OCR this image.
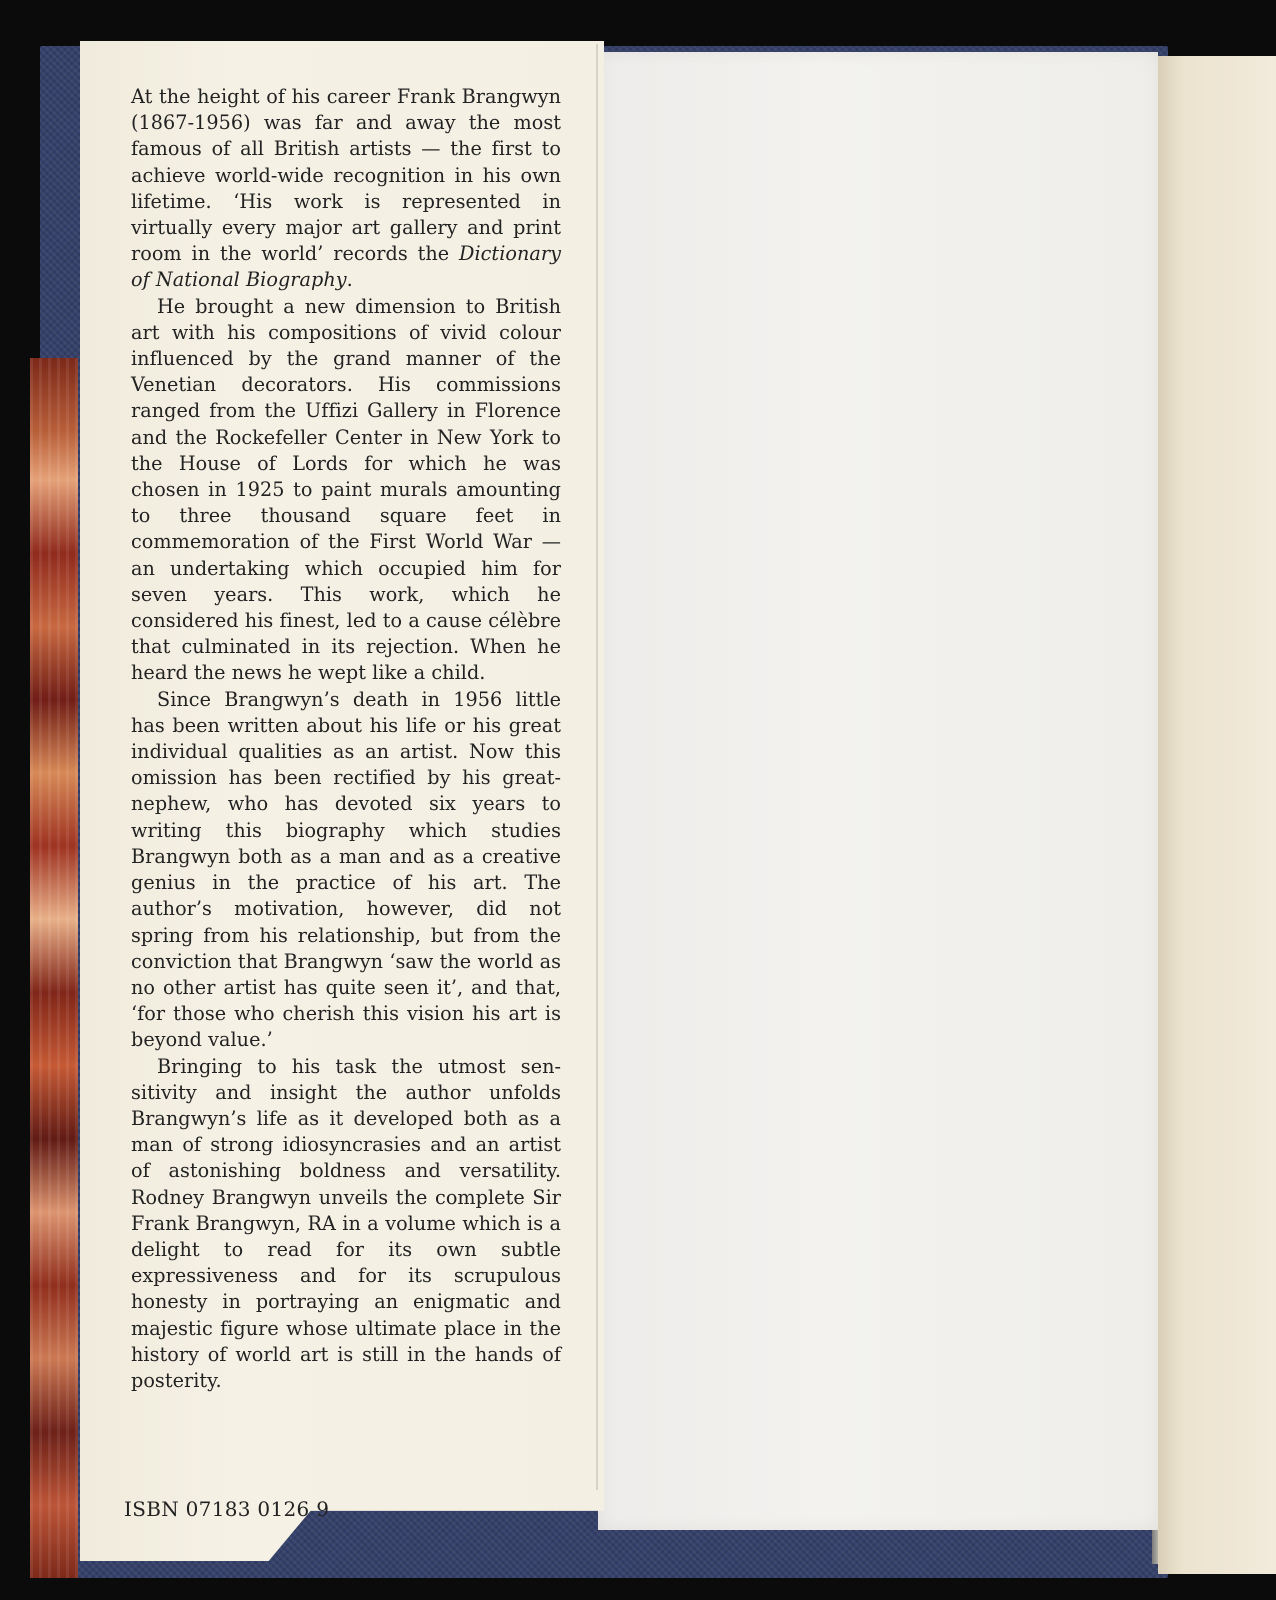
At the height of his career Frank Brangwyn (1867-1956) was far and away the most famous of all British artists — the first to achieve world-wide recognition in his own lifetime. ‘His work is represented in virtually every major art gallery and print room in the world’ records the Dictionary of National Biography.

He brought a new dimension to British art with his compositions of vivid colour influenced by the grand manner of the Venetian decorators. His commissions ranged from the Uffizi Gallery in Florence and the Rockefeller Center in New York to the House of Lords for which he was chosen in 1925 to paint murals amounting to three thousand square feet in commemoration of the First World War — an undertaking which occupied him for seven years. This work, which he considered his finest, led to a cause célèbre that culminated in its rejection. When he heard the news he wept like a child.

Since Brangwyn’s death in 1956 little has been written about his life or his great individual qualities as an artist. Now this omission has been rectified by his great-nephew, who has devoted six years to writing this biography which studies Brangwyn both as a man and as a creative genius in the practice of his art. The author’s motivation, however, did not spring from his relationship, but from the conviction that Brangwyn ‘saw the world as no other artist has quite seen it’, and that, ‘for those who cherish this vision his art is beyond value.’

Bringing to his task the utmost sensitivity and insight the author unfolds Brangwyn’s life as it developed both as a man of strong idiosyncrasies and an artist of astonishing boldness and versatility. Rodney Brangwyn unveils the complete Sir Frank Brangwyn, RA in a volume which is a delight to read for its own subtle expressiveness and for its scrupulous honesty in portraying an enigmatic and majestic figure whose ultimate place in the history of world art is still in the hands of posterity.

ISBN 07183 0126 9
